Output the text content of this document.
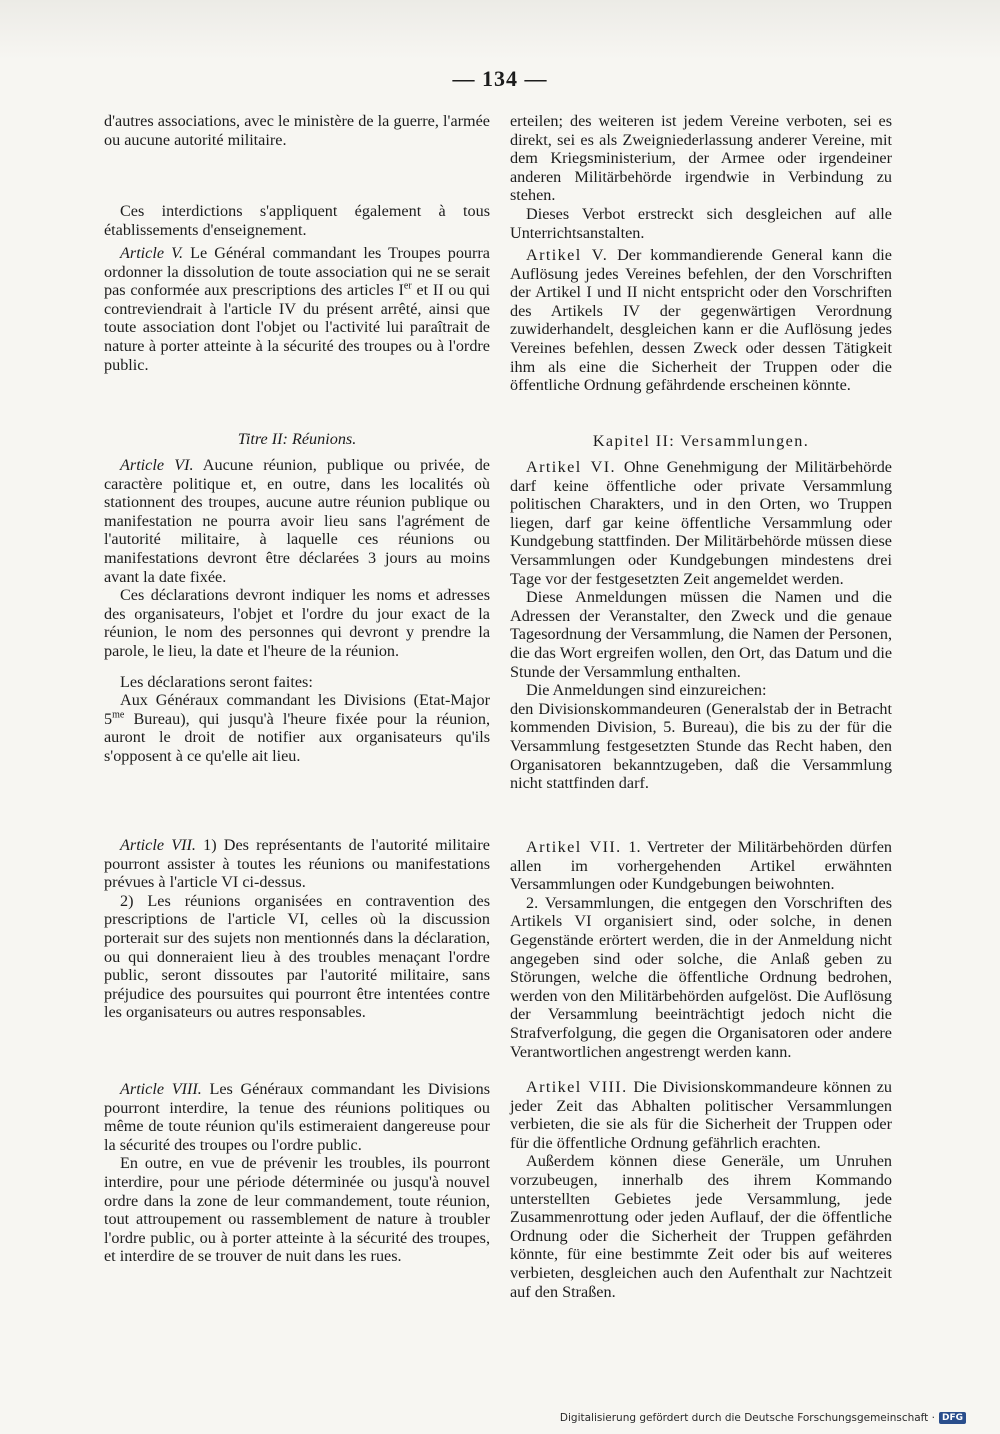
— 134 —

d'autres associations, avec le ministère de la guerre, l'armée ou aucune autorité militaire.

Ces interdictions s'appliquent également à tous établissements d'enseignement.

Article V. Le Général commandant les Troupes pourra ordonner la dissolution de toute association qui ne se serait pas conformée aux prescriptions des articles Ier et II ou qui contreviendrait à l'article IV du présent arrêté, ainsi que toute association dont l'objet ou l'activité lui paraîtrait de nature à porter atteinte à la sécurité des troupes ou à l'ordre public.

Titre II: Réunions.

Article VI. Aucune réunion, publique ou privée, de caractère politique et, en outre, dans les localités où stationnent des troupes, aucune autre réunion publique ou manifestation ne pourra avoir lieu sans l'agrément de l'autorité militaire, à laquelle ces réunions ou manifestations devront être déclarées 3 jours au moins avant la date fixée.

Ces déclarations devront indiquer les noms et adresses des organisateurs, l'objet et l'ordre du jour exact de la réunion, le nom des personnes qui devront y prendre la parole, le lieu, la date et l'heure de la réunion.

Les déclarations seront faites:

Aux Généraux commandant les Divisions (Etat-Major $5^{me}$ Bureau), qui jusqu'à l'heure fixée pour la réunion, auront le droit de notifier aux organisateurs qu'ils s'opposent à ce qu'elle ait lieu.

Article VII. 1) Des représentants de l'autorité militaire pourront assister à toutes les réunions ou manifestations prévues à l'article VI ci-dessus.

2) Les réunions organisées en contravention des prescriptions de l'article VI, celles où la discussion porterait sur des sujets non mentionnés dans la déclaration, ou qui donneraient lieu à des troubles menaçant l'ordre public, seront dissoutes par l'autorité militaire, sans préjudice des poursuites qui pourront être intentées contre les organisateurs ou autres responsables.

Article VIII. Les Généraux commandant les Divisions pourront interdire, la tenue des réunions politiques ou même de toute réunion qu'ils estimeraient dangereuse pour la sécurité des troupes ou l'ordre public.

En outre, en vue de prévenir les troubles, ils pourront interdire, pour une période déterminée ou jusqu'à nouvel ordre dans la zone de leur commandement, toute réunion, tout attroupement ou rassemblement de nature à troubler l'ordre public, ou à porter atteinte à la sécurité des troupes, et interdire de se trouver de nuit dans les rues.

erteilen; des weiteren ist jedem Vereine verboten, sei es direkt, sei es als Zweigniederlassung anderer Vereine, mit dem Kriegsministerium, der Armee oder irgendeiner anderen Militärbehörde irgendwie in Verbindung zu stehen.

Dieses Verbot erstreckt sich desgleichen auf alle Unterrichtsanstalten.

Artikel V. Der kommandierende General kann die Auflösung jedes Vereines befehlen, der den Vorschriften der Artikel I und II nicht entspricht oder den Vorschriften des Artikels IV der gegenwärtigen Verordnung zuwiderhandelt, desgleichen kann er die Auflösung jedes Vereines befehlen, dessen Zweck oder dessen Tätigkeit ihm als eine die Sicherheit der Truppen oder die öffentliche Ordnung gefährdende erscheinen könnte.

Kapitel II: Versammlungen.

Artikel VI. Ohne Genehmigung der Militärbehörde darf keine öffentliche oder private Versammlung politischen Charakters, und in den Orten, wo Truppen liegen, darf gar keine öffentliche Versammlung oder Kundgebung stattfinden. Der Militärbehörde müssen diese Versammlungen oder Kundgebungen mindestens drei Tage vor der festgesetzten Zeit angemeldet werden.

Diese Anmeldungen müssen die Namen und die Adressen der Veranstalter, den Zweck und die genaue Tagesordnung der Versammlung, die Namen der Personen, die das Wort ergreifen wollen, den Ort, das Datum und die Stunde der Versammlung enthalten.

Die Anmeldungen sind einzureichen:

den Divisionskommandeuren (Generalstab der in Betracht kommenden Division, 5. Bureau), die bis zu der für die Versammlung festgesetzten Stunde das Recht haben, den Organisatoren bekanntzugeben, daß die Versammlung nicht stattfinden darf.

Artikel VII. 1. Vertreter der Militärbehörden dürfen allen im vorhergehenden Artikel erwähnten Versammlungen oder Kundgebungen beiwohnten.

2. Versammlungen, die entgegen den Vorschriften des Artikels VI organisiert sind, oder solche, in denen Gegenstände erörtert werden, die in der Anmeldung nicht angegeben sind oder solche, die Anlaß geben zu Störungen, welche die öffentliche Ordnung bedrohen, werden von den Militärbehörden aufgelöst. Die Auflösung der Versammlung beeinträchtigt jedoch nicht die Strafverfolgung, die gegen die Organisatoren oder andere Verantwortlichen angestrengt werden kann.

Artikel VIII. Die Divisionskommandeure können zu jeder Zeit das Abhalten politischer Versammlungen verbieten, die sie als für die Sicherheit der Truppen oder für die öffentliche Ordnung gefährlich erachten.

Außerdem können diese Generäle, um Unruhen vorzubeugen, innerhalb des ihrem Kommando unterstellten Gebietes jede Versammlung, jede Zusammenrottung oder jeden Auflauf, der die öffentliche Ordnung oder die Sicherheit der Truppen gefährden könnte, für eine bestimmte Zeit oder bis auf weiteres verbieten, desgleichen auch den Aufenthalt zur Nachtzeit auf den Straßen.

Digitalisierung gefördert durch die Deutsche Forschungsgemeinschaft · DFG
